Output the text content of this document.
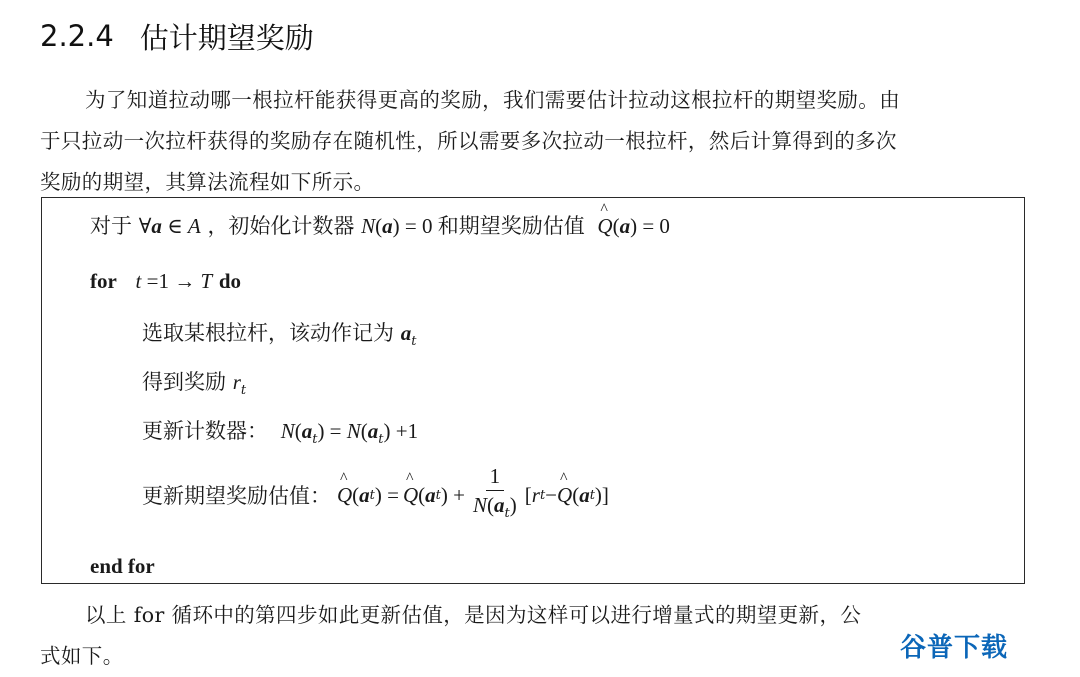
2.2.4 估计期望奖励
为了知道拉动哪一根拉杆能获得更高的奖励，我们需要估计拉动这根拉杆的期望奖励。由
于只拉动一次拉杆获得的奖励存在随机性，所以需要多次拉动一根拉杆，然后计算得到的多次
奖励的期望，其算法流程如下所示。
对于 ∀a ∈ A ，初始化计数器 N(a) = 0 和期望奖励估值 ^ Q(a) = 0
for t =1 → T do
选取某根拉杆，该动作记为 $a_t$
得到奖励 $r_t$
更新计数器： $N(a_t) = N(a_t) +1$
更新期望奖励估值： ^ Q ( a t ) = ^ Q ( a t ) + $\frac{1}{N(a_t)}$ [ r t − ^ Q ( a t )]
end for
以上 for 循环中的第四步如此更新估值，是因为这样可以进行增量式的期望更新，公
式如下。	谷普下载
